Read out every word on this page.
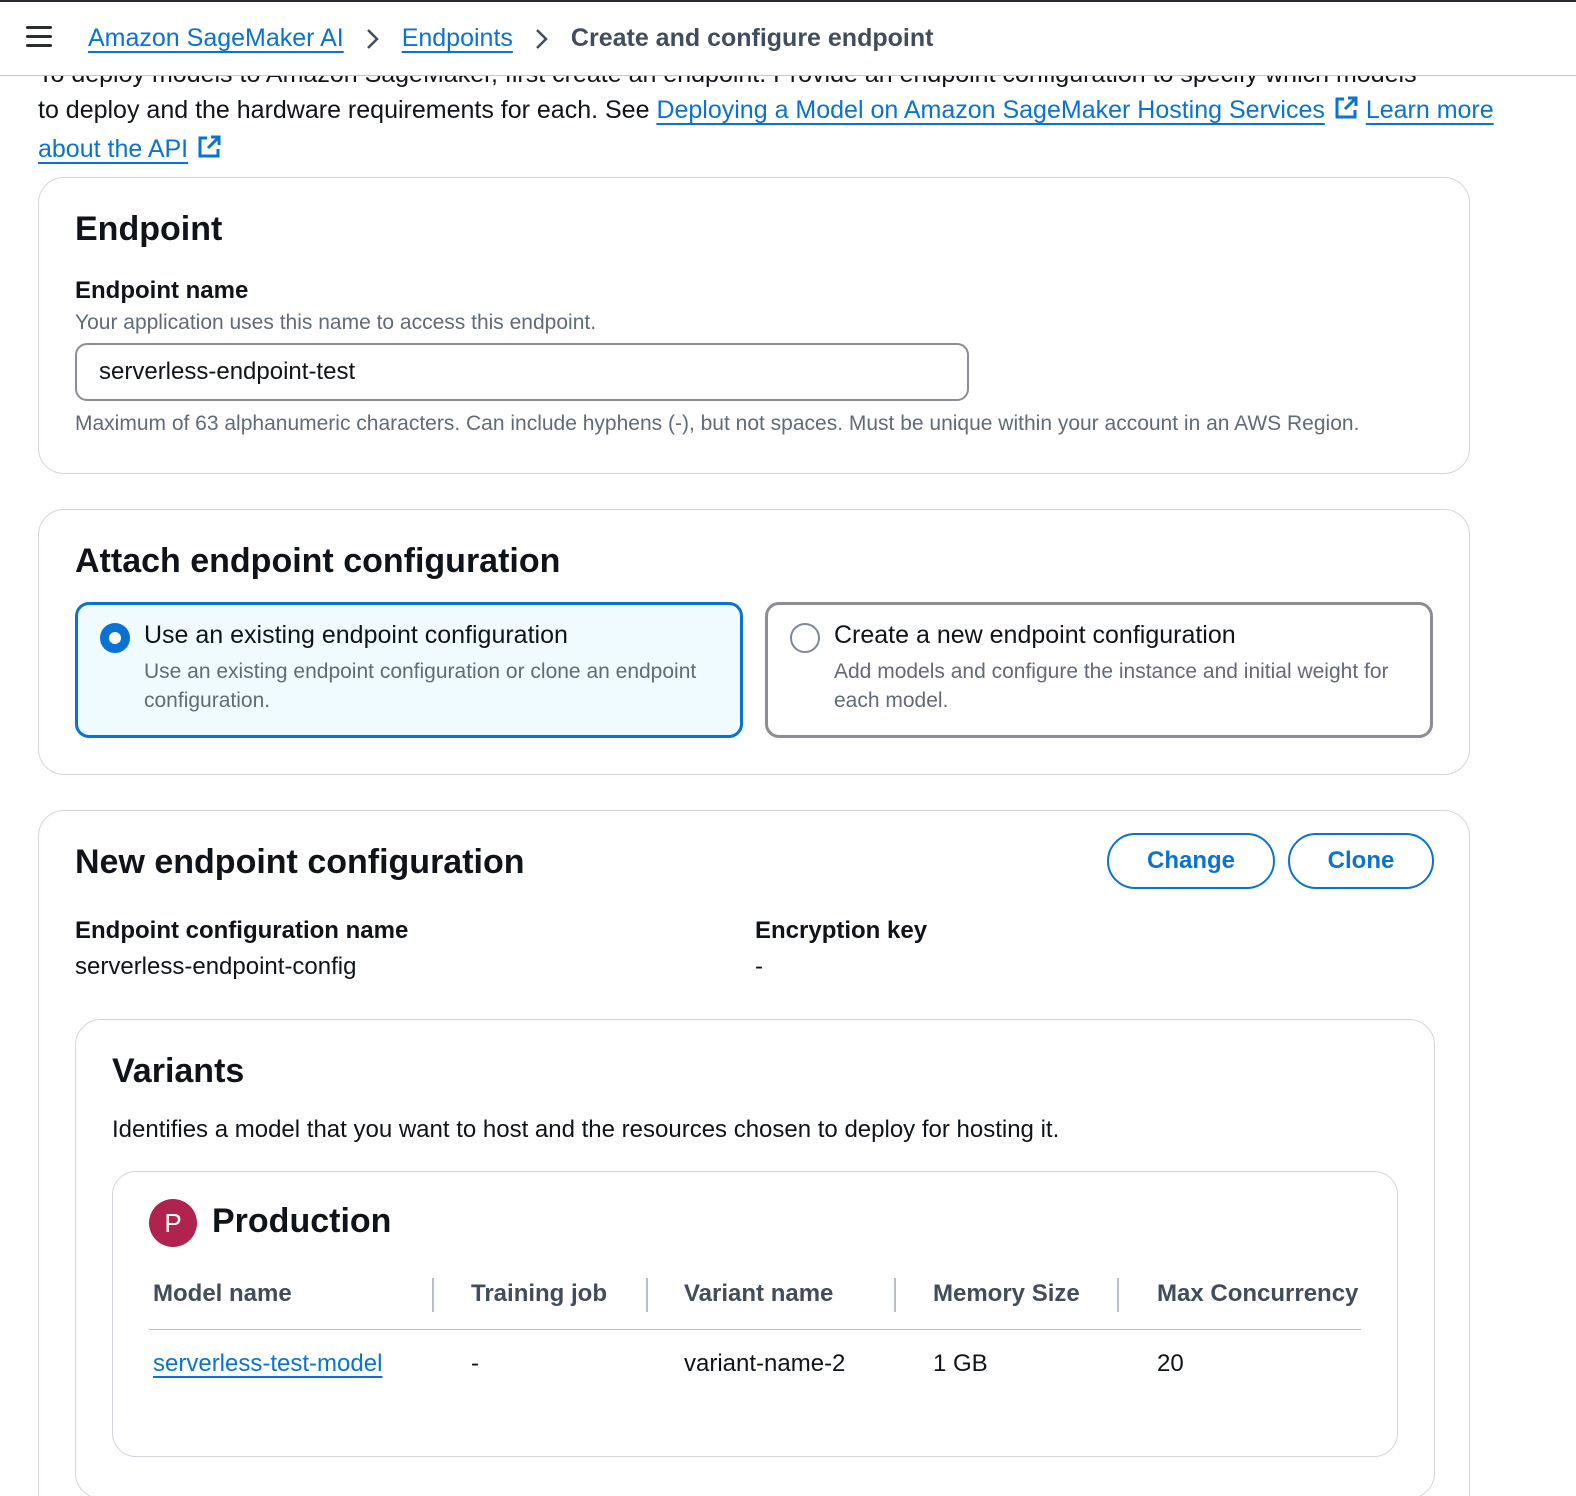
to deploy and the hardware requirements for each. See Deploying a Model on Amazon SageMaker Hosting Services Learn more about the API
Amazon SageMaker AI Endpoints Create and configure endpoint
Endpoint
Endpoint name
Your application uses this name to access this endpoint.
serverless-endpoint-test
Maximum of 63 alphanumeric characters. Can include hyphens (-), but not spaces. Must be unique within your account in an AWS Region.
Attach endpoint configuration
Use an existing endpoint configuration
Use an existing endpoint configuration or clone an endpoint configuration.
Create a new endpoint configuration
Add models and configure the instance and initial weight for each model.
New endpoint configuration	Change	Clone
Endpoint configuration name
serverless-endpoint-config
Encryption key
-
Variants
Identifies a model that you want to host and the resources chosen to deploy for hosting it.
P Production
Model name	Training job	Variant name	Memory Size	Max Concurrency
serverless-test-model	-	variant-name-2	1 GB	20
